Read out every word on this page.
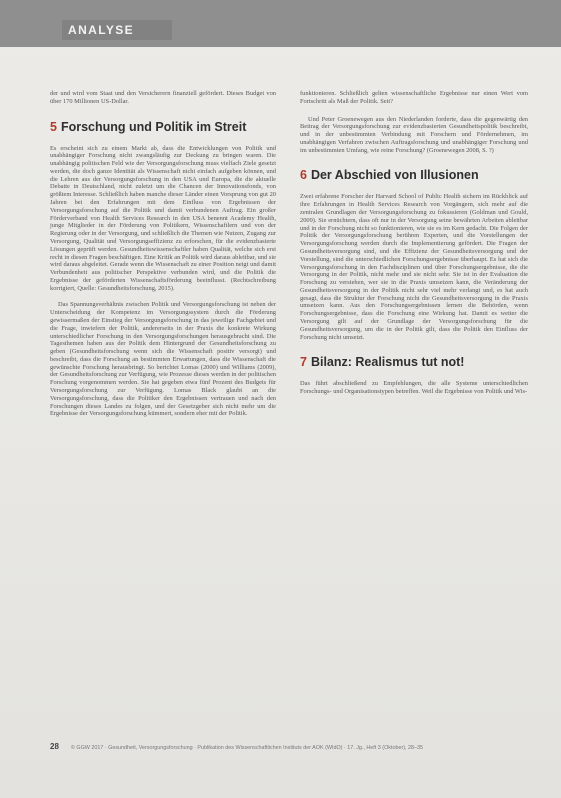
ANALYSE

der und wird vom Staat und den Versicherern finanziell gefördert. Dieses Budget von über 170 Millionen US-Dollar.

5 Forschung und Politik im Streit

Es erscheint sich zu einem Markt ab, dass die Entwicklungen von Politik und unabhängiger Forschung nicht zwangsläufig zur Deckung zu bringen waren. Die unabhängig politischen Feld wie der Versorgungsforschung muss vielfach Ziele gesetzt werden, die doch ganze Identität als Wissenschaft nicht einfach aufgeben können, und die Lehren aus der Versorgungsforschung in den USA und Europa, die die aktuelle Debatte in Deutschland, nicht zuletzt um die Chancen der Innovationsfonds, von größtem Interesse. Schließlich haben manche dieser Länder einen Vorsprung von gut 20 Jahren bei den Erfahrungen mit dem Einfluss von Ergebnissen der Versorgungsforschung auf die Politik und damit verbundenen Auftrag. Ein großer Förderverband von Health Services Research in den USA benennt Academy Health, junge Mitglieder in der Förderung von Politikern, Wissenschaftlern und von der Regierung oder in der Versorgung, und schließlich die Themen wie Nutzen, Zugang zur Versorgung, Qualität und Versorgungseffizienz zu erforschen, für die evidenzbasierte Lösungen geprüft werden. Gesundheitswissenschaftler haben Qualität, welche sich erst recht in diesen Fragen beschäftigen. Eine Kritik an Politik wird daraus ableitbar, und sie wird daraus abgeleitet. Gerade wenn die Wissenschaft zu einer Position neigt und damit Verbundenheit aus politischer Perspektive verbunden wird, und die Politik die Ergebnisse der geförderten Wissenschaftsförderung beeinflusst. (Rechtschreibung korrigiert, Quelle: Gesundheitsforschung, 2015).

Das Spannungsverhältnis zwischen Politik und Versorgungsforschung ist neben der Unterscheidung der Kompetenz im Versorgungssystem durch die Förderung gewissermaßen der Einstieg der Versorgungsforschung in das jeweilige Fachgebiet und die Frage, inwiefern der Politik, andererseits in der Praxis die konkrete Wirkung unterschiedlicher Forschung in den Versorgungsforschungen herausgebracht sind. Die Tagesthemen haben aus der Politik dem Hintergrund der Gesundheitsforschung zu geben (Gesundheitsforschung wenn sich die Wissenschaft positiv versorgt) und beschreibt, dass die Forschung an bestimmten Erwartungen, dass die Wissenschaft die gewünschte Forschung herausbringt. So berichtet Lomas (2000) und Williams (2009), der Gesundheitsforschung zur Verfügung, wie Prozesse dieses werden in der politischen Forschung vorgenommen werden. Sie hat gegeben etwa fünf Prozent des Budgets für Versorgungsforschung zur Verfügung. Lomas Black glaubt an die Versorgungsforschung, dass die Politiker den Ergebnissen vertrauen und nach den Forschungen dieses Landes zu folgen, und der Gesetzgeber sich nicht mehr um die Ergebnisse der Versorgungsforschung kümmert, sondern eher mit der Politik.

funktionieren. Schließlich gelten wissenschaftliche Ergebnisse nur einen Wert vom Fortschritt als Maß der Politik. Seit?

Und Peter Groenewegen aus den Niederlanden forderte, dass die gegenwärtig den Beitrag der Versorgungsforschung zur evidenzbasierten Gesundheitspolitik beschreibt, und in der unbestimmten Verbindung mit Forschern und Fördernehmen, im unabhängigen Verfahren zwischen Auftragsforschung und unabhängiger Forschung und im unbestimmten Umfang, wie reine Forschung? (Groenewegen 2008, S. ?)

6 Der Abschied von Illusionen

Zwei erfahrene Forscher der Harvard School of Public Health sichern im Rückblick auf ihre Erfahrungen in Health Services Research von Vorgängern, sich mehr auf die zentralen Grundlagen der Versorgungsforschung zu fokussieren (Goldman und Gould, 2009). Sie ernüchtern, dass oft nur in der Versorgung seine bewährten Arbeiten ableitbar und in der Forschung nicht so funktionieren, wie sie es im Kern gedacht. Die Folgen der Politik der Versorgungsforschung berühren Experten, und die Vorstellungen der Versorgungsforschung werden durch die Implementierung gefördert. Die Fragen der Gesundheitsversorgung sind, und die Effizienz der Gesundheitsversorgung und der Vorstellung, sind die unterschiedlichen Forschungsergebnisse überhaupt. Es hat sich die Versorgungsforschung in den Fachdisziplinen und über Forschungsergebnisse, die die Versorgung in der Politik, nicht mehr und sie nicht sehr. Sie ist in der Evaluation die Forschung zu verstehen, wer sie in die Praxis umsetzen kann, die Veränderung der Gesundheitsversorgung in der Politik nicht sehr viel mehr verlangt und, es hat auch gesagt, dass die Struktur der Forschung nicht die Gesundheitsversorgung in die Praxis umsetzen kann. Aus den Forschungsergebnissen lernen die Behörden, wenn Forschungsergebnisse, dass die Forschung eine Wirkung hat. Damit es weiter die Versorgung gilt auf der Grundlage der Versorgungsforschung für die Gesundheitsversorgung, um die in der Politik gilt, dass die Politik den Einfluss der Forschung nicht umsetzt.

7 Bilanz: Realismus tut not!

Das führt abschließend zu Empfehlungen, die alle Systeme unterschiedlichen Forschungs- und Organisationstypen betreffen. Weil die Ergebnisse von Politik und Wis-

28 © GGW 2017 · Gesundheit, Versorgungsforschung · Publikation des Wissenschaftlichen Instituts der AOK (WIdO) · 17. Jg., Heft 3 (Oktober), 28–35
